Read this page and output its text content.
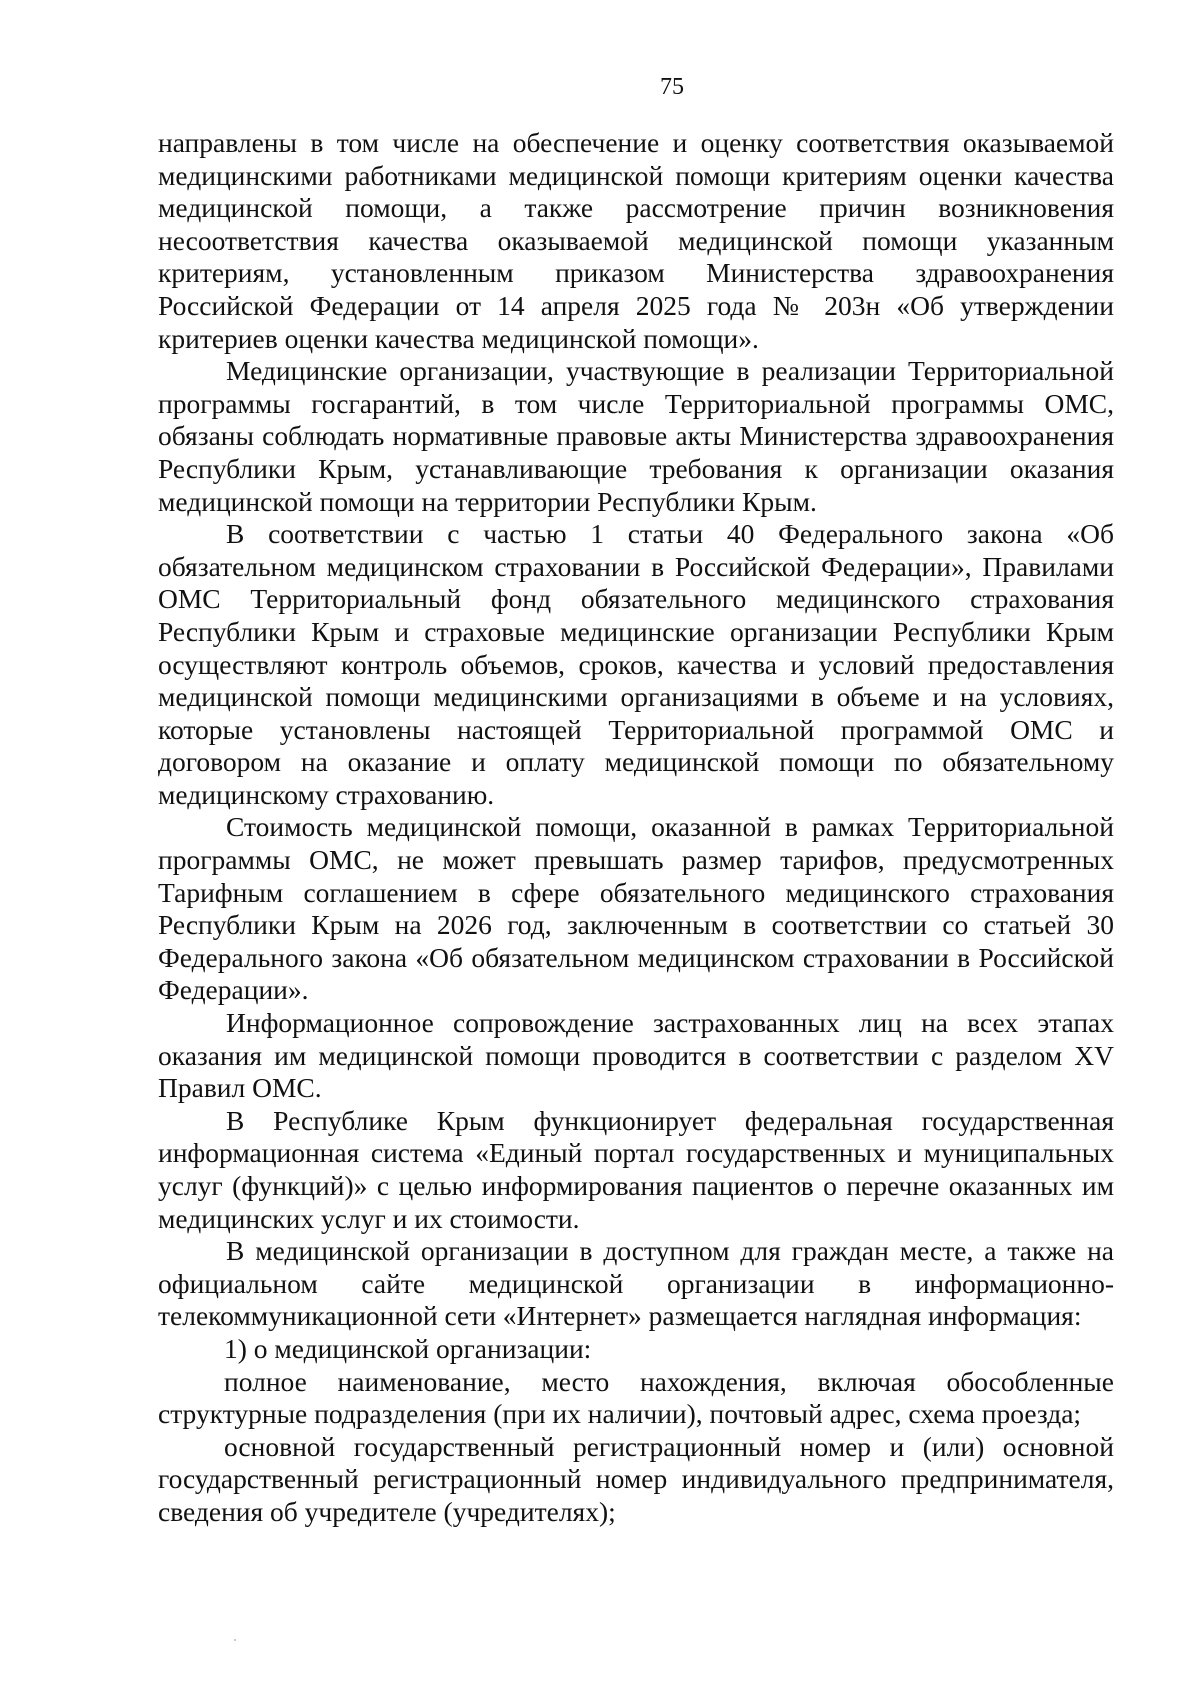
75

направлены в том числе на обеспечение и оценку соответствия оказываемой медицинскими работниками медицинской помощи критериям оценки качества медицинской помощи, а также рассмотрение причин возникновения несоответствия качества оказываемой медицинской помощи указанным критериям, установленным приказом Министерства здравоохранения Российской Федерации от 14 апреля 2025 года № 203н «Об утверждении критериев оценки качества медицинской помощи».

Медицинские организации, участвующие в реализации Территориальной программы госгарантий, в том числе Территориальной программы ОМС, обязаны соблюдать нормативные правовые акты Министерства здравоохранения Республики Крым, устанавливающие требования к организации оказания медицинской помощи на территории Республики Крым.

В соответствии с частью 1 статьи 40 Федерального закона «Об обязательном медицинском страховании в Российской Федерации», Правилами ОМС Территориальный фонд обязательного медицинского страхования Республики Крым и страховые медицинские организации Республики Крым осуществляют контроль объемов, сроков, качества и условий предоставления медицинской помощи медицинскими организациями в объеме и на условиях, которые установлены настоящей Территориальной программой ОМС и договором на оказание и оплату медицинской помощи по обязательному медицинскому страхованию.

Стоимость медицинской помощи, оказанной в рамках Территориальной программы ОМС, не может превышать размер тарифов, предусмотренных Тарифным соглашением в сфере обязательного медицинского страхования Республики Крым на 2026 год, заключенным в соответствии со статьей 30 Федерального закона «Об обязательном медицинском страховании в Российской Федерации».

Информационное сопровождение застрахованных лиц на всех этапах оказания им медицинской помощи проводится в соответствии с разделом XV Правил ОМС.

В Республике Крым функционирует федеральная государственная информационная система «Единый портал государственных и муниципальных услуг (функций)» с целью информирования пациентов о перечне оказанных им медицинских услуг и их стоимости.

В медицинской организации в доступном для граждан месте, а также на официальном сайте медицинской организации в информационно-телекоммуникационной сети «Интернет» размещается наглядная информация:

1) о медицинской организации:

полное наименование, место нахождения, включая обособленные структурные подразделения (при их наличии), почтовый адрес, схема проезда;

основной государственный регистрационный номер и (или) основной государственный регистрационный номер индивидуального предпринимателя, сведения об учредителе (учредителях);
